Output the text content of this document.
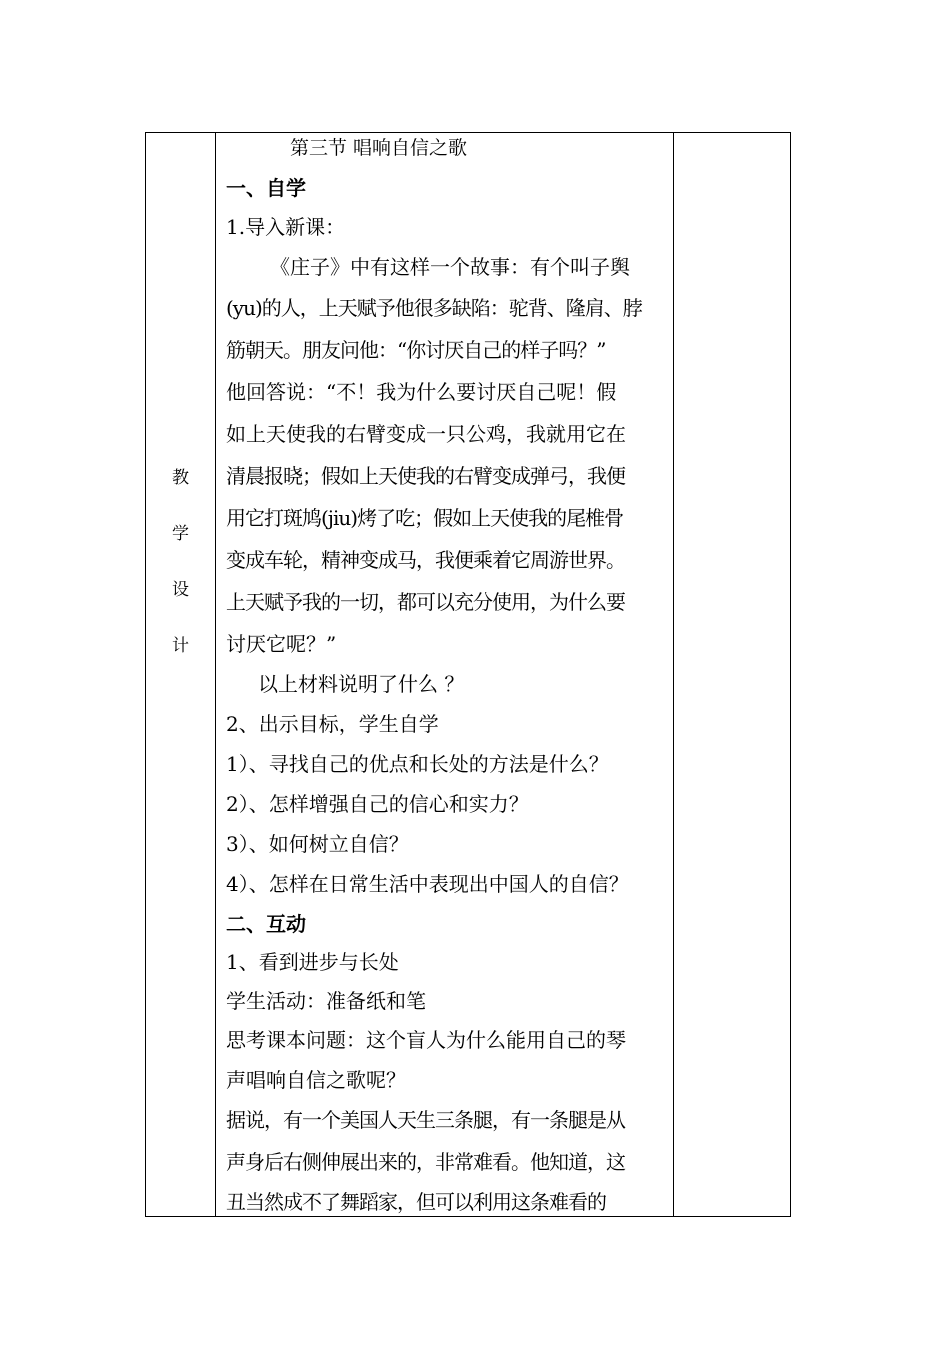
教
学
设
计
第三节 唱响自信之歌
一、自学
1.导入新课：
《庄子》中有这样一个故事：有个叫子舆
(yu)的人，上天赋予他很多缺陷：驼背、隆肩、脖
筋朝天。朋友问他：“你讨厌自己的样子吗？”
他回答说：“不！我为什么要讨厌自己呢！假
如上天使我的右臂变成一只公鸡，我就用它在
清晨报晓；假如上天使我的右臂变成弹弓，我便
用它打斑鸠(jiu)烤了吃；假如上天使我的尾椎骨
变成车轮，精神变成马，我便乘着它周游世界。
上天赋予我的一切，都可以充分使用，为什么要
讨厌它呢？”
以上材料说明了什么 ？
2、出示目标，学生自学
1）、寻找自己的优点和长处的方法是什么？
2）、怎样增强自己的信心和实力？
3）、如何树立自信？
4）、怎样在日常生活中表现出中国人的自信？
二、互动
1、看到进步与长处
学生活动：准备纸和笔
思考课本问题：这个盲人为什么能用自己的琴
声唱响自信之歌呢？
据说，有一个美国人天生三条腿，有一条腿是从
声身后右侧伸展出来的，非常难看。他知道，这
丑当然成不了舞蹈家，但可以利用这条难看的
